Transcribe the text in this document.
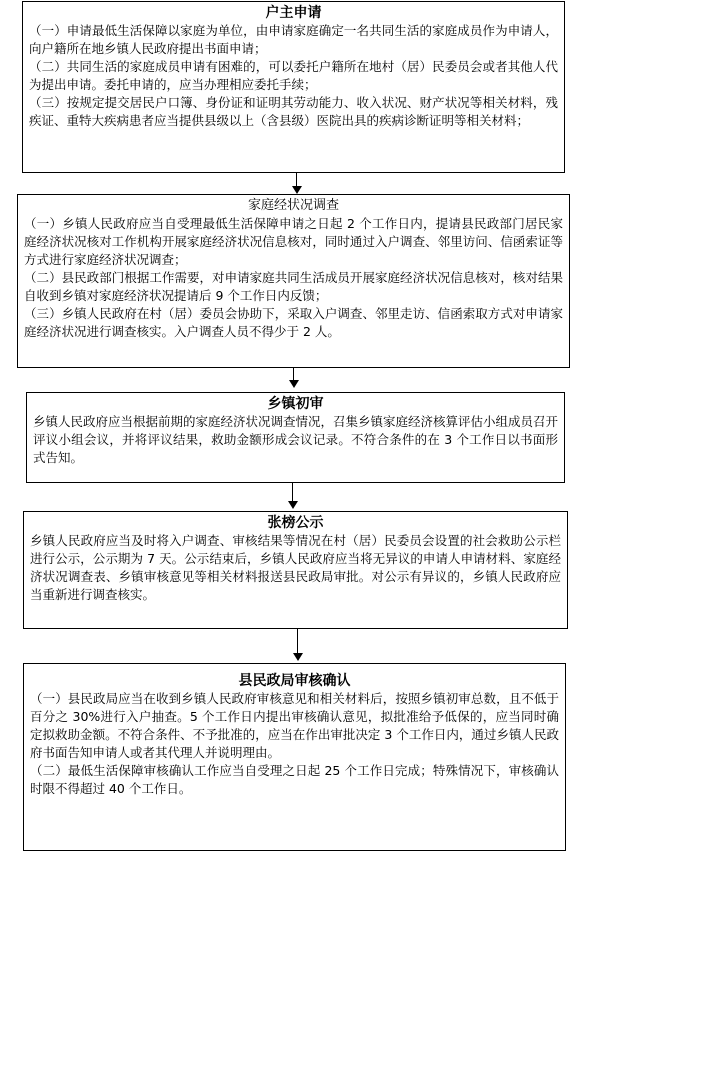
户主申请

（一）申请最低生活保障以家庭为单位，由申请家庭确定一名共同生活的家庭成员作为申请人，向户籍所在地乡镇人民政府提出书面申请；

（二）共同生活的家庭成员申请有困难的，可以委托户籍所在地村（居）民委员会或者其他人代为提出申请。委托申请的，应当办理相应委托手续；

（三）按规定提交居民户口簿、身份证和证明其劳动能力、收入状况、财产状况等相关材料，残疾证、重特大疾病患者应当提供县级以上（含县级）医院出具的疾病诊断证明等相关材料；

家庭经状况调查

（一）乡镇人民政府应当自受理最低生活保障申请之日起 2 个工作日内，提请县民政部门居民家庭经济状况核对工作机构开展家庭经济状况信息核对，同时通过入户调查、邻里访问、信函索证等方式进行家庭经济状况调查；

（二）县民政部门根据工作需要，对申请家庭共同生活成员开展家庭经济状况信息核对，核对结果自收到乡镇对家庭经济状况提请后 9 个工作日内反馈；

（三）乡镇人民政府在村（居）委员会协助下，采取入户调查、邻里走访、信函索取方式对申请家庭经济状况进行调查核实。入户调查人员不得少于 2 人。

乡镇初审

乡镇人民政府应当根据前期的家庭经济状况调查情况，召集乡镇家庭经济核算评估小组成员召开评议小组会议，并将评议结果，救助金额形成会议记录。不符合条件的在 3 个工作日以书面形式告知。

张榜公示

乡镇人民政府应当及时将入户调查、审核结果等情况在村（居）民委员会设置的社会救助公示栏进行公示，公示期为 7 天。公示结束后，乡镇人民政府应当将无异议的申请人申请材料、家庭经济状况调查表、乡镇审核意见等相关材料报送县民政局审批。对公示有异议的，乡镇人民政府应当重新进行调查核实。

县民政局审核确认

（一）县民政局应当在收到乡镇人民政府审核意见和相关材料后，按照乡镇初审总数，且不低于百分之 30%进行入户抽查。5 个工作日内提出审核确认意见，拟批准给予低保的，应当同时确定拟救助金额。不符合条件、不予批准的，应当在作出审批决定 3 个工作日内，通过乡镇人民政府书面告知申请人或者其代理人并说明理由。

（二）最低生活保障审核确认工作应当自受理之日起 25 个工作日完成；特殊情况下，审核确认时限不得超过 40 个工作日。
